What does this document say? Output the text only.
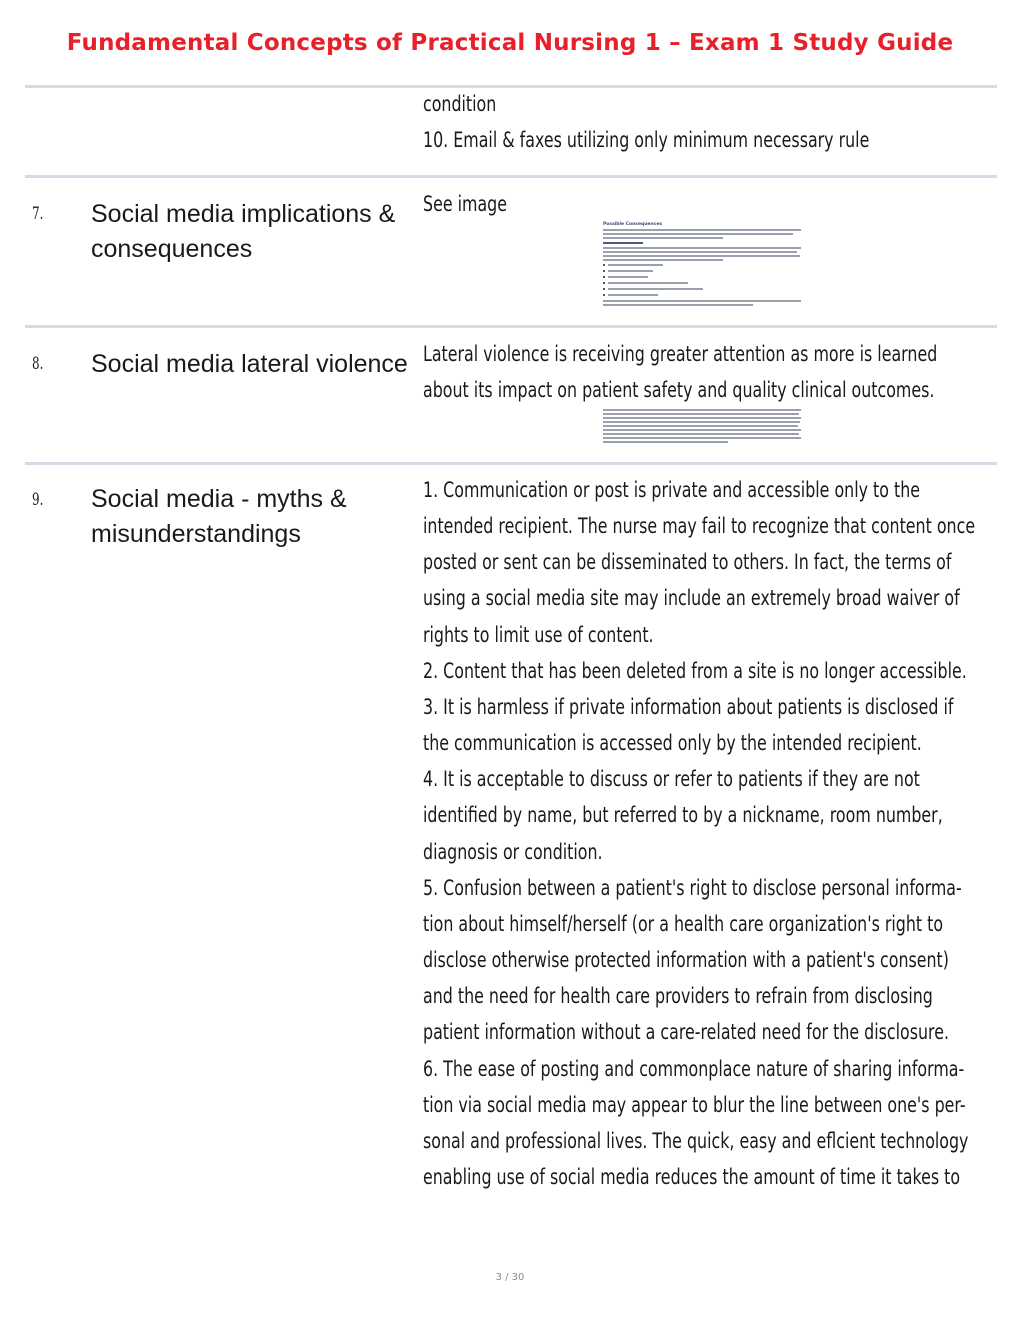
Fundamental Concepts of Practical Nursing 1 – Exam 1 Study Guide
condition
10. Email & faxes utilizing only minimum necessary rule
7. Social media implications & consequences
See image
Possible Consequences
8. Social media lateral violence Lateral violence is receiving greater attention as more is learned
about its impact on patient safety and quality clinical outcomes.
9. Social media - myths & misunderstandings
1. Communication or post is private and accessible only to the
intended recipient. The nurse may fail to recognize that content once
posted or sent can be disseminated to others. In fact, the terms of
using a social media site may include an extremely broad waiver of
rights to limit use of content.
2. Content that has been deleted from a site is no longer accessible.
3. It is harmless if private information about patients is disclosed if
the communication is accessed only by the intended recipient.
4. It is acceptable to discuss or refer to patients if they are not
identified by name, but referred to by a nickname, room number,
diagnosis or condition.
5. Confusion between a patient's right to disclose personal informa-
tion about himself/herself (or a health care organization's right to
disclose otherwise protected information with a patient's consent)
and the need for health care providers to refrain from disclosing
patient information without a care-related need for the disclosure.
6. The ease of posting and commonplace nature of sharing informa-
tion via social media may appear to blur the line between one's per-
sonal and professional lives. The quick, easy and eflcient technology
enabling use of social media reduces the amount of time it takes to
3 / 30
